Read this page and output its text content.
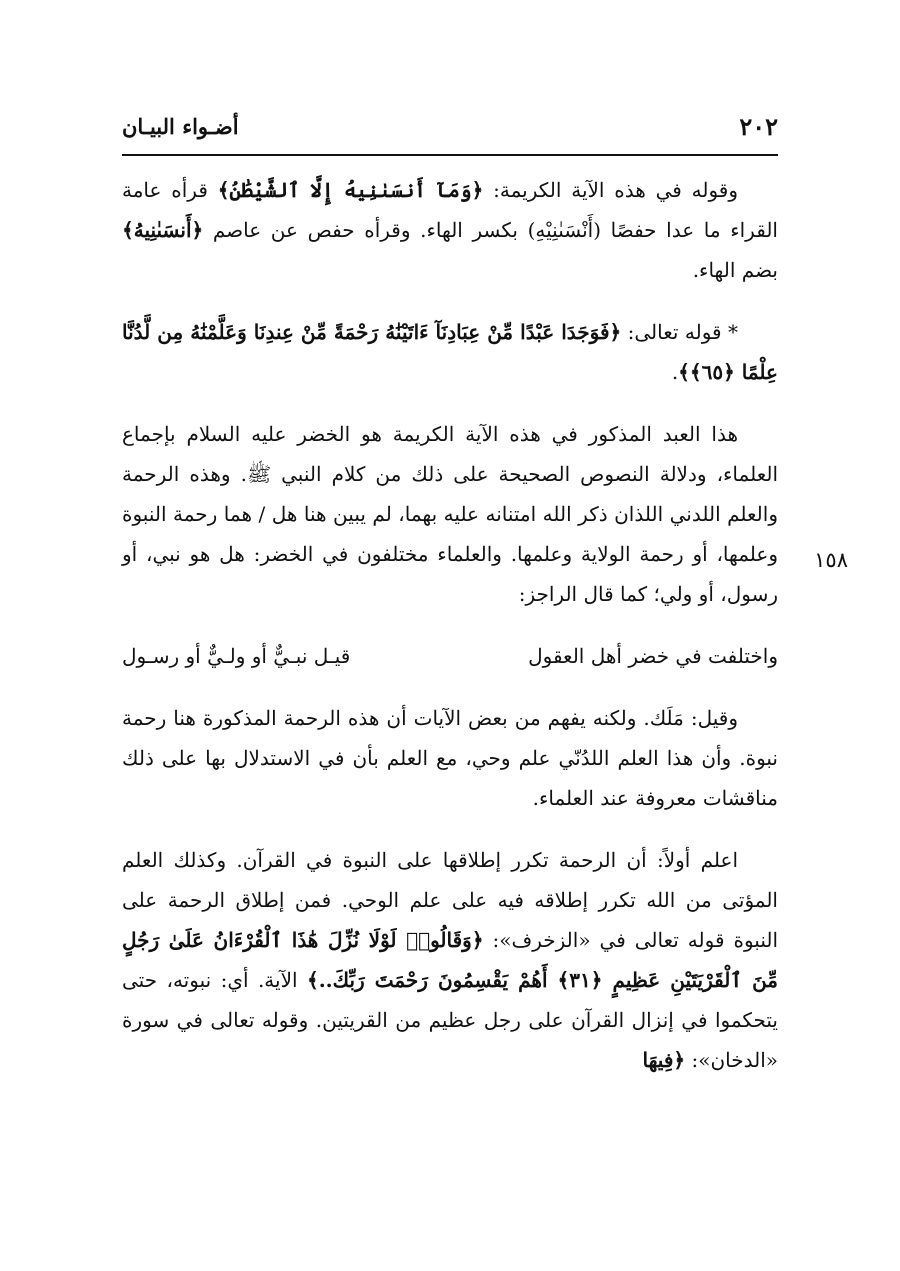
٢٠٢
أضـواء البيـان
١٥٨

وقوله في هذه الآية الكريمة: ﴿وَمَآ أَنسَىٰنِيهُ إِلَّا ٱلشَّيْطَٰنُ﴾ قرأه عامة القراء ما عدا حفصًا (أَنْسَىٰنِيْهِ) بكسر الهاء. وقرأه حفص عن عاصم ﴿أَنسَىٰنِيهُ﴾ بضم الهاء.

* قوله تعالى: ﴿فَوَجَدَا عَبْدًا مِّنْ عِبَادِنَآ ءَاتَيْنَٰهُ رَحْمَةً مِّنْ عِندِنَا وَعَلَّمْنَٰهُ مِن لَّدُنَّا عِلْمًا ﴿٦٥﴾﴾.

هذا العبد المذكور في هذه الآية الكريمة هو الخضر عليه السلام بإجماع العلماء، ودلالة النصوص الصحيحة على ذلك من كلام النبي ﷺ. وهذه الرحمة والعلم اللدني اللذان ذكر الله امتنانه عليه بهما، لم يبين هنا هل / هما رحمة النبوة وعلمها، أو رحمة الولاية وعلمها. والعلماء مختلفون في الخضر: هل هو نبي، أو رسول، أو ولي؛ كما قال الراجز:

واختلفت في خضر أهل العقول
قيـل نبـيٌّ أو ولـيٌّ أو رسـول

وقيل: مَلَك. ولكنه يفهم من بعض الآيات أن هذه الرحمة المذكورة هنا رحمة نبوة. وأن هذا العلم اللدُنّي علم وحي، مع العلم بأن في الاستدلال بها على ذلك مناقشات معروفة عند العلماء.

اعلم أولاً: أن الرحمة تكرر إطلاقها على النبوة في القرآن. وكذلك العلم المؤتى من الله تكرر إطلاقه فيه على علم الوحي. فمن إطلاق الرحمة على النبوة قوله تعالى في «الزخرف»: ﴿وَقَالُوا۟ لَوْلَا نُزِّلَ هَٰذَا ٱلْقُرْءَانُ عَلَىٰ رَجُلٍ مِّنَ ٱلْقَرْيَتَيْنِ عَظِيمٍ ﴿٣١﴾ أَهُمْ يَقْسِمُونَ رَحْمَتَ رَبِّكَ..﴾ الآية. أي: نبوته، حتى يتحكموا في إنزال القرآن على رجل عظيم من القريتين. وقوله تعالى في سورة «الدخان»: ﴿فِيهَا
